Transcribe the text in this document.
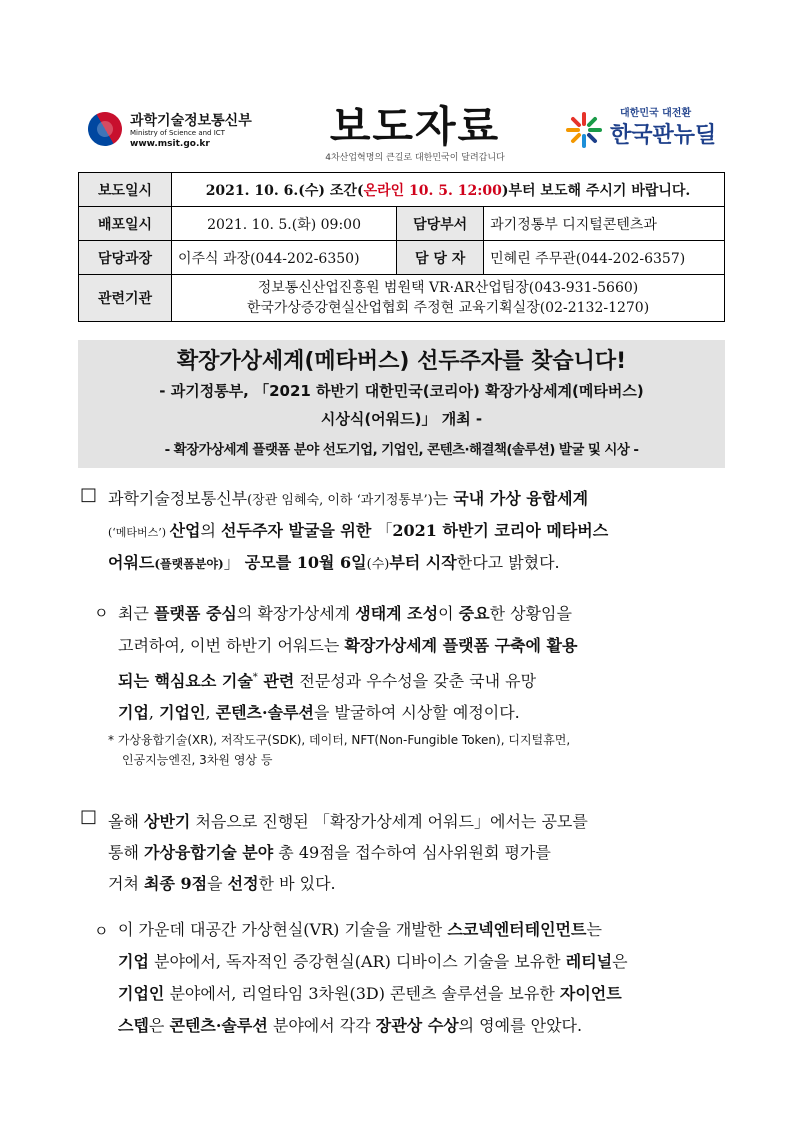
과학기술정보통신부
Ministry of Science and ICT
www.msit.go.kr	보도자료
4차산업혁명의 큰길로 대한민국이 달려갑니다
대한민국 대전환
한국판뉴딜
보도일시	2021. 10. 6.(수) 조간(온라인 10. 5. 12:00)부터 보도해 주시기 바랍니다.		
배포일시	2021. 10. 5.(화) 09:00	담당부서	과기정통부 디지털콘텐츠과
담당과장	이주식 과장(044-202-6350)	담 당 자	민혜린 주무관(044-202-6357)
관련기관	정보통신산업진흥원 범원택 VR·AR산업팀장(043-931-5660)
한국가상증강현실산업협회 주정현 교육기획실장(02-2132-1270)		
확장가상세계(메타버스) 선두주자를 찾습니다!
- 과기정통부, 「2021 하반기 대한민국(코리아) 확장가상세계(메타버스)
시상식(어워드)」 개최 -
- 확장가상세계 플랫폼 분야 선도기업, 기업인, 콘텐츠·해결책(솔루션) 발굴 및 시상 -
□ 과학기술정보통신부(장관 임혜숙, 이하 ‘과기정통부’)는 국내 가상 융합세계
(‘메타버스’) 산업의 선두주자 발굴을 위한 「2021 하반기 코리아 메타버스
어워드(플랫폼분야)」 공모를 10월 6일(수)부터 시작한다고 밝혔다.
ㅇ 최근 플랫폼 중심의 확장가상세계 생태계 조성이 중요한 상황임을
고려하여, 이번 하반기 어워드는 확장가상세계 플랫폼 구축에 활용
되는 핵심요소 기술* 관련 전문성과 우수성을 갖춘 국내 유망
기업, 기업인, 콘텐츠·솔루션을 발굴하여 시상할 예정이다.
* 가상융합기술(XR), 저작도구(SDK), 데이터, NFT(Non-Fungible Token), 디지털휴먼,
인공지능엔진, 3차원 영상 등
□ 올해 상반기 처음으로 진행된 「확장가상세계 어워드」에서는 공모를
통해 가상융합기술 분야 총 49점을 접수하여 심사위원회 평가를
거쳐 최종 9점을 선정한 바 있다.
ㅇ 이 가운데 대공간 가상현실(VR) 기술을 개발한 스코넥엔터테인먼트는
기업 분야에서, 독자적인 증강현실(AR) 디바이스 기술을 보유한 레티널은
기업인 분야에서, 리얼타임 3차원(3D) 콘텐츠 솔루션을 보유한 자이언트
스텝은 콘텐츠·솔루션 분야에서 각각 장관상 수상의 영예를 안았다.
